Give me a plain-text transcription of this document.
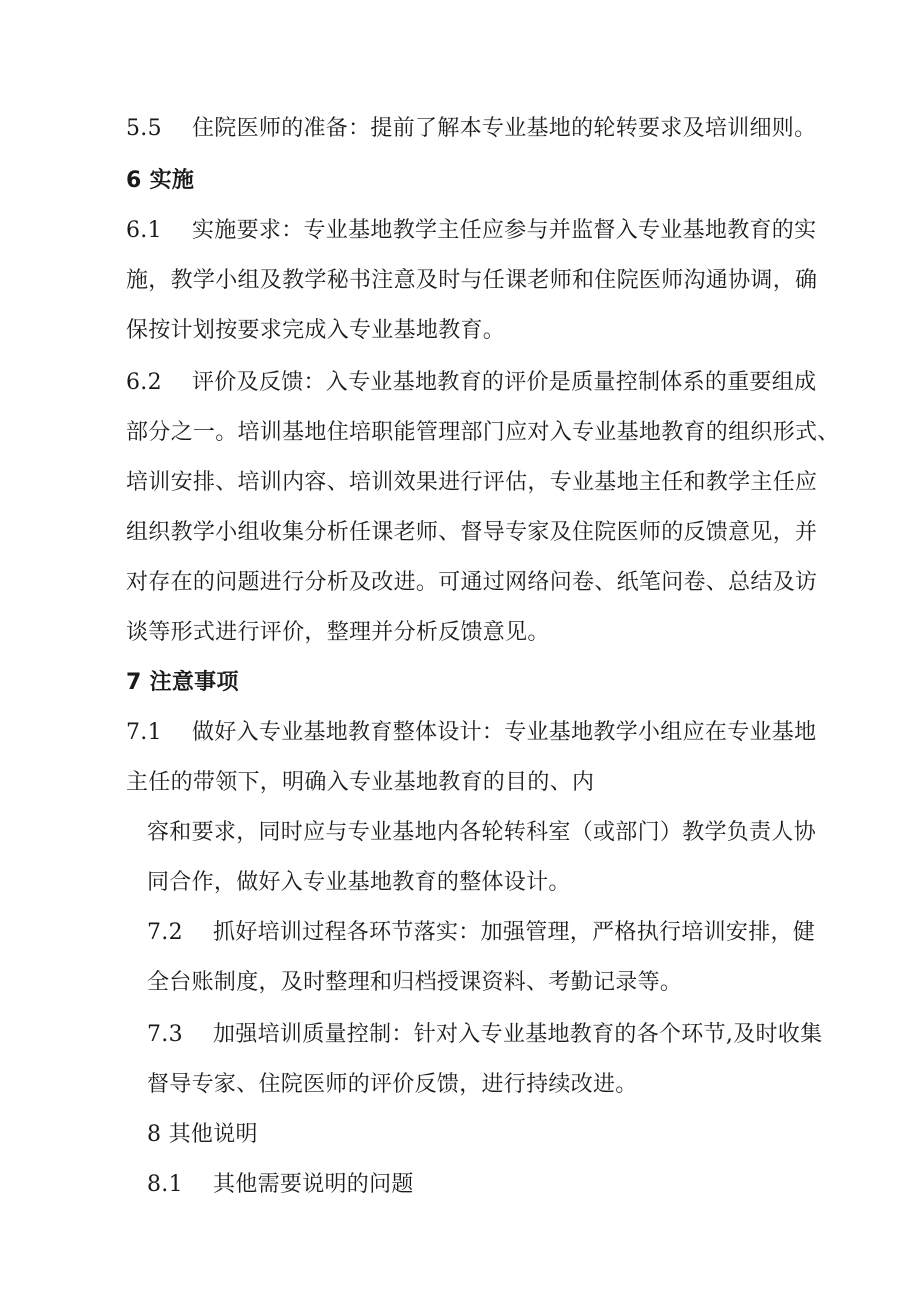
5.5 住院医师的准备：提前了解本专业基地的轮转要求及培训细则。
6 实施
6.1 实施要求：专业基地教学主任应参与并监督入专业基地教育的实
施，教学小组及教学秘书注意及时与任课老师和住院医师沟通协调，确
保按计划按要求完成入专业基地教育。
6.2 评价及反馈：入专业基地教育的评价是质量控制体系的重要组成
部分之一。培训基地住培职能管理部门应对入专业基地教育的组织形式、
培训安排、培训内容、培训效果进行评估，专业基地主任和教学主任应
组织教学小组收集分析任课老师、督导专家及住院医师的反馈意见，并
对存在的问题进行分析及改进。可通过网络问卷、纸笔问卷、总结及访
谈等形式进行评价，整理并分析反馈意见。
7 注意事项
7.1 做好入专业基地教育整体设计：专业基地教学小组应在专业基地
主任的带领下，明确入专业基地教育的目的、内
容和要求，同时应与专业基地内各轮转科室（或部门）教学负责人协
同合作，做好入专业基地教育的整体设计。
7.2 抓好培训过程各环节落实：加强管理，严格执行培训安排，健
全台账制度，及时整理和归档授课资料、考勤记录等。
7.3 加强培训质量控制：针对入专业基地教育的各个环节,及时收集
督导专家、住院医师的评价反馈，进行持续改进。
8 其他说明
8.1 其他需要说明的问题
